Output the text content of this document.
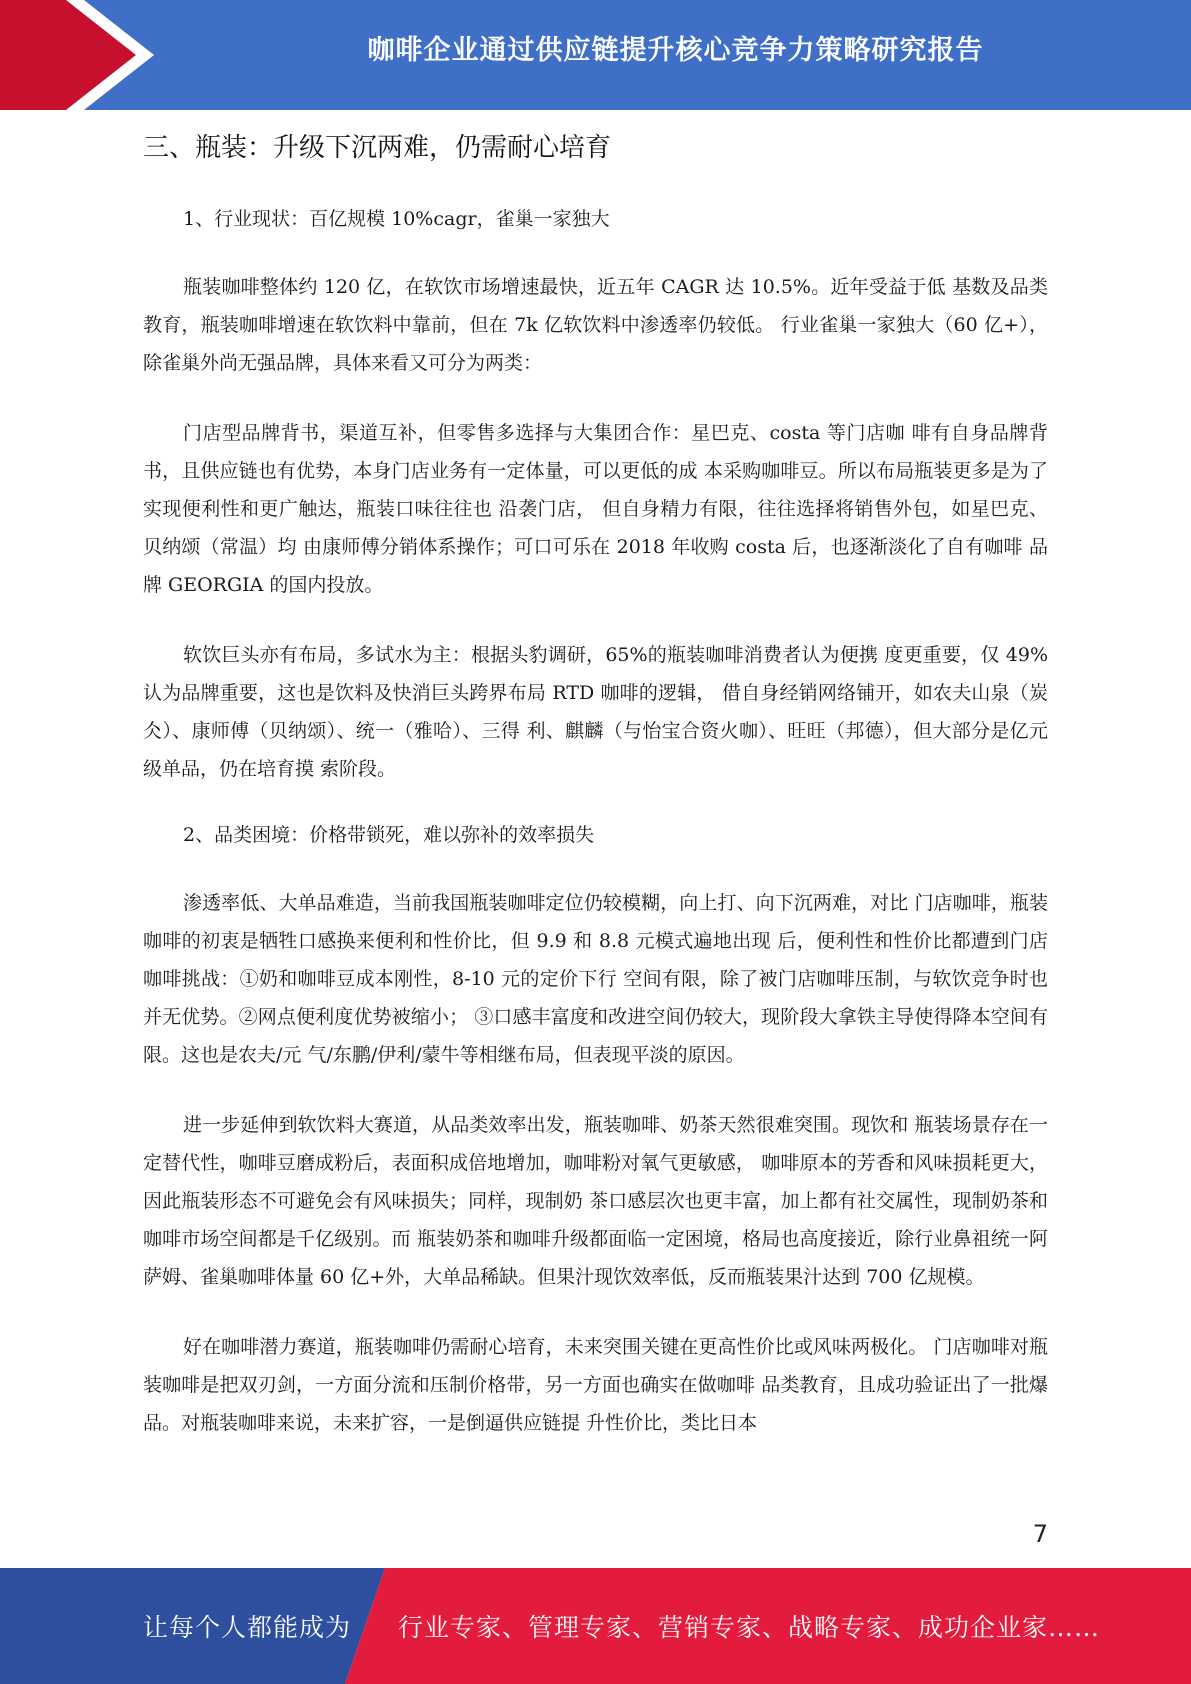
咖啡企业通过供应链提升核心竞争力策略研究报告
三、瓶装：升级下沉两难，仍需耐心培育

1、行业现状：百亿规模 10%cagr，雀巢一家独大

瓶装咖啡整体约 120 亿，在软饮市场增速最快，近五年 CAGR 达 10.5%。近年受益于低 基数及品类教育，瓶装咖啡增速在软饮料中靠前，但在 7k 亿软饮料中渗透率仍较低。 行业雀巢一家独大（60 亿+），除雀巢外尚无强品牌，具体来看又可分为两类：

门店型品牌背书，渠道互补，但零售多选择与大集团合作：星巴克、costa 等门店咖 啡有自身品牌背书，且供应链也有优势，本身门店业务有一定体量，可以更低的成 本采购咖啡豆。所以布局瓶装更多是为了实现便利性和更广触达，瓶装口味往往也 沿袭门店， 但自身精力有限，往往选择将销售外包，如星巴克、贝纳颂（常温）均 由康师傅分销体系操作；可口可乐在 2018 年收购 costa 后，也逐渐淡化了自有咖啡 品牌 GEORGIA 的国内投放。

软饮巨头亦有布局，多试水为主：根据头豹调研，65%的瓶装咖啡消费者认为便携 度更重要，仅 49%认为品牌重要，这也是饮料及快消巨头跨界布局 RTD 咖啡的逻辑， 借自身经销网络铺开，如农夫山泉（炭仌）、康师傅（贝纳颂）、统一（雅哈）、三得 利、麒麟（与怡宝合资火咖）、旺旺（邦德），但大部分是亿元级单品，仍在培育摸 索阶段。

2、品类困境：价格带锁死，难以弥补的效率损失

渗透率低、大单品难造，当前我国瓶装咖啡定位仍较模糊，向上打、向下沉两难，对比 门店咖啡，瓶装咖啡的初衷是牺牲口感换来便利和性价比，但 9.9 和 8.8 元模式遍地出现 后，便利性和性价比都遭到门店咖啡挑战：①奶和咖啡豆成本刚性，8-10 元的定价下行 空间有限，除了被门店咖啡压制，与软饮竞争时也并无优势。②网点便利度优势被缩小； ③口感丰富度和改进空间仍较大，现阶段大拿铁主导使得降本空间有限。这也是农夫/元 气/东鹏/伊利/蒙牛等相继布局，但表现平淡的原因。

进一步延伸到软饮料大赛道，从品类效率出发，瓶装咖啡、奶茶天然很难突围。现饮和 瓶装场景存在一定替代性，咖啡豆磨成粉后，表面积成倍地增加，咖啡粉对氧气更敏感， 咖啡原本的芳香和风味损耗更大，因此瓶装形态不可避免会有风味损失；同样，现制奶 茶口感层次也更丰富，加上都有社交属性，现制奶茶和咖啡市场空间都是千亿级别。而 瓶装奶茶和咖啡升级都面临一定困境，格局也高度接近，除行业鼻祖统一阿萨姆、雀巢咖啡体量 60 亿+外，大单品稀缺。但果汁现饮效率低，反而瓶装果汁达到 700 亿规模。

好在咖啡潜力赛道，瓶装咖啡仍需耐心培育，未来突围关键在更高性价比或风味两极化。 门店咖啡对瓶装咖啡是把双刃剑，一方面分流和压制价格带，另一方面也确实在做咖啡 品类教育，且成功验证出了一批爆品。对瓶装咖啡来说，未来扩容，一是倒逼供应链提 升性价比，类比日本

7
让每个人都能成为 行业专家、管理专家、营销专家、战略专家、成功企业家……
